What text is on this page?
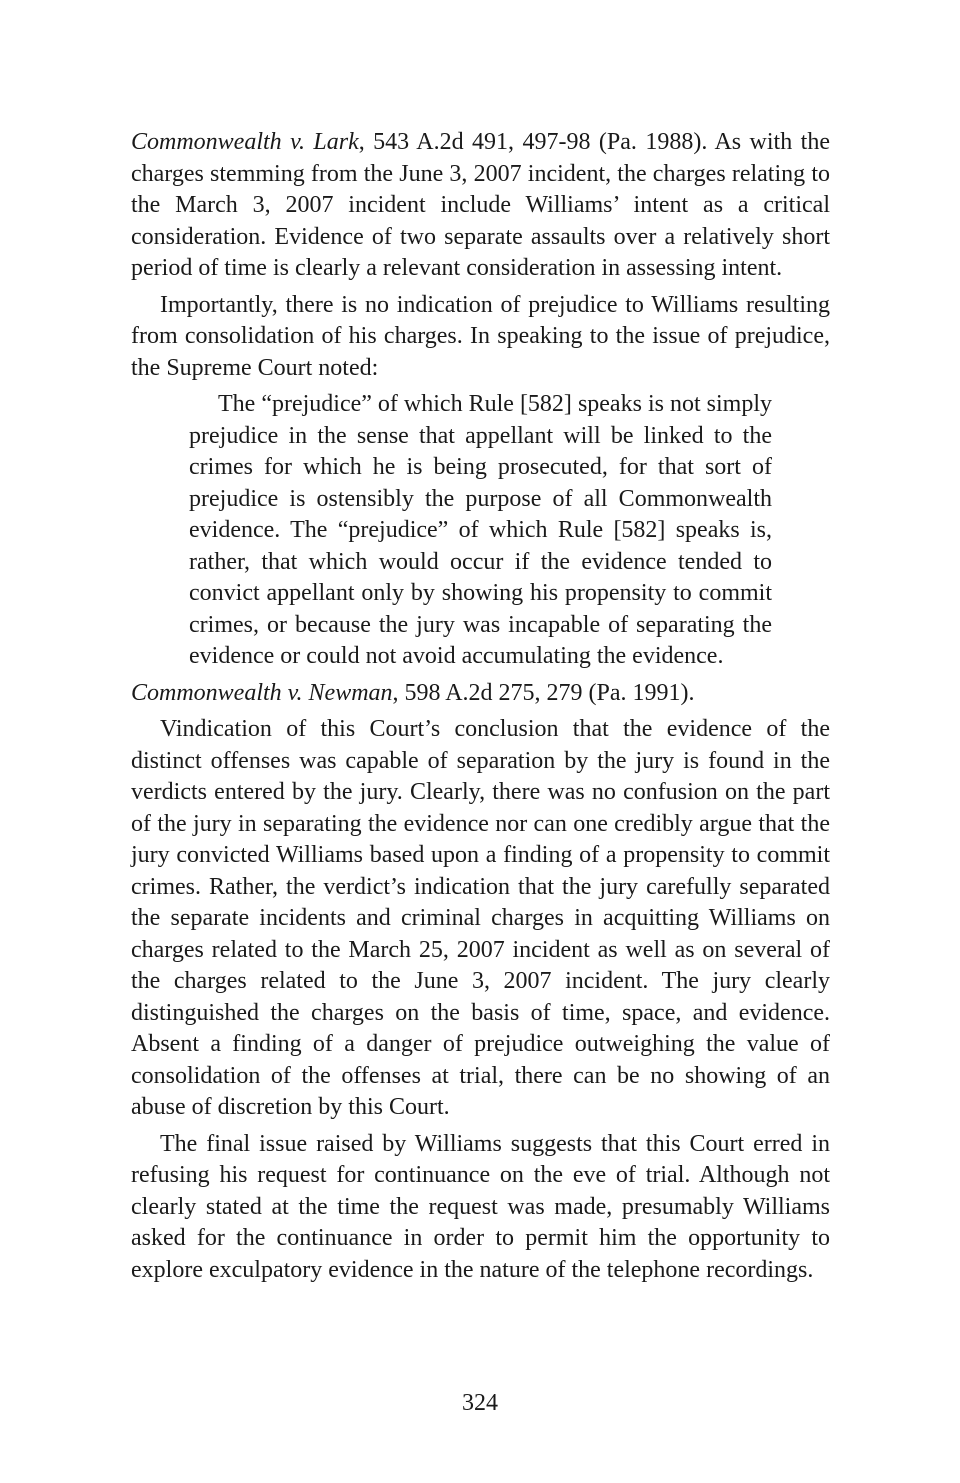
Commonwealth v. Lark, 543 A.2d 491, 497-98 (Pa. 1988). As with the charges stemming from the June 3, 2007 incident, the charges relating to the March 3, 2007 incident include Williams’ intent as a critical consideration. Evidence of two separate assaults over a relatively short period of time is clearly a relevant consideration in assessing intent.

Importantly, there is no indication of prejudice to Williams resulting from consolidation of his charges. In speaking to the issue of prejudice, the Supreme Court noted:

The “prejudice” of which Rule [582] speaks is not simply prejudice in the sense that appellant will be linked to the crimes for which he is being prosecuted, for that sort of prejudice is ostensibly the purpose of all Commonwealth evidence. The “prejudice” of which Rule [582] speaks is, rather, that which would occur if the evidence tended to convict appellant only by showing his propensity to commit crimes, or because the jury was incapable of separating the evidence or could not avoid accumulating the evidence.

Commonwealth v. Newman, 598 A.2d 275, 279 (Pa. 1991).

Vindication of this Court’s conclusion that the evidence of the distinct offenses was capable of separation by the jury is found in the verdicts entered by the jury. Clearly, there was no confusion on the part of the jury in separating the evidence nor can one credibly argue that the jury convicted Williams based upon a finding of a propensity to commit crimes. Rather, the verdict’s indication that the jury carefully separated the separate incidents and criminal charges in acquitting Williams on charges related to the March 25, 2007 incident as well as on several of the charges related to the June 3, 2007 incident. The jury clearly distinguished the charges on the basis of time, space, and evidence. Absent a finding of a danger of prejudice outweighing the value of consolidation of the offenses at trial, there can be no showing of an abuse of discretion by this Court.

The final issue raised by Williams suggests that this Court erred in refusing his request for continuance on the eve of trial. Although not clearly stated at the time the request was made, presumably Williams asked for the continuance in order to permit him the opportunity to explore exculpatory evidence in the nature of the telephone recordings.

324
